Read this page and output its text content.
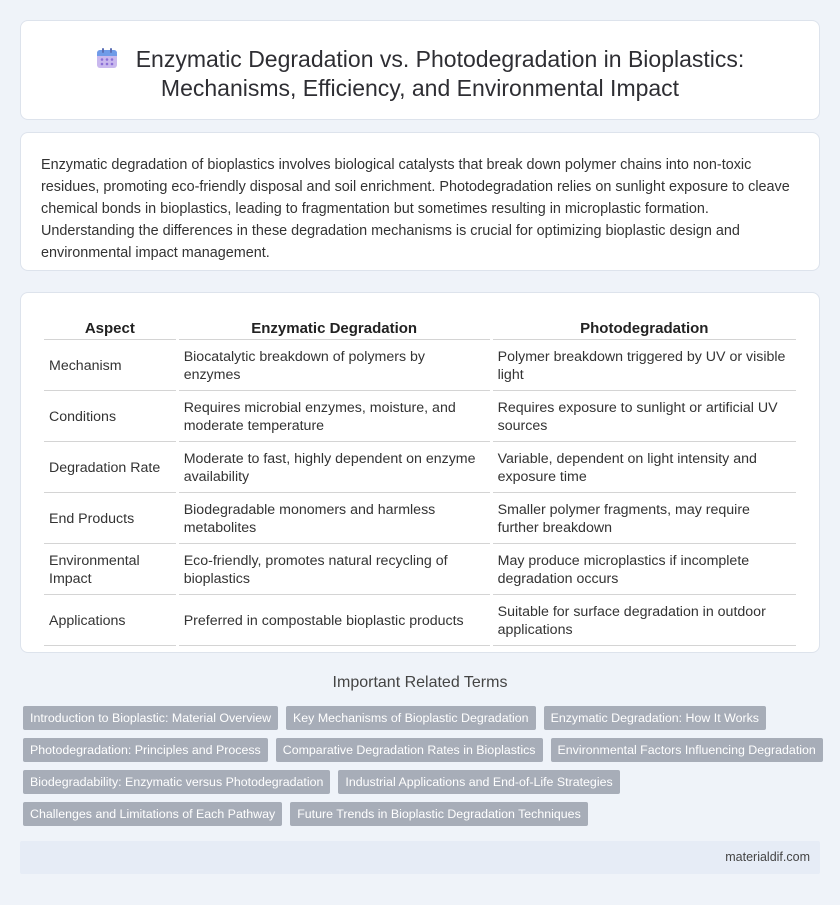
Enzymatic Degradation vs. Photodegradation in Bioplastics: Mechanisms, Efficiency, and Environmental Impact

Enzymatic degradation of bioplastics involves biological catalysts that break down polymer chains into non-toxic residues, promoting eco-friendly disposal and soil enrichment. Photodegradation relies on sunlight exposure to cleave chemical bonds in bioplastics, leading to fragmentation but sometimes resulting in microplastic formation. Understanding the differences in these degradation mechanisms is crucial for optimizing bioplastic design and environmental impact management.

Aspect	Enzymatic Degradation	Photodegradation
Mechanism	Biocatalytic breakdown of polymers by enzymes	Polymer breakdown triggered by UV or visible light
Conditions	Requires microbial enzymes, moisture, and moderate temperature	Requires exposure to sunlight or artificial UV sources
Degradation Rate	Moderate to fast, highly dependent on enzyme availability	Variable, dependent on light intensity and exposure time
End Products	Biodegradable monomers and harmless metabolites	Smaller polymer fragments, may require further breakdown
Environmental Impact	Eco-friendly, promotes natural recycling of bioplastics	May produce microplastics if incomplete degradation occurs
Applications	Preferred in compostable bioplastic products	Suitable for surface degradation in outdoor applications
Important Related Terms
Introduction to Bioplastic: Material Overview	Key Mechanisms of Bioplastic Degradation	Enzymatic Degradation: How It Works
Photodegradation: Principles and Process	Comparative Degradation Rates in Bioplastics	Environmental Factors Influencing Degradation
Biodegradability: Enzymatic versus Photodegradation	Industrial Applications and End-of-Life Strategies
Challenges and Limitations of Each Pathway	Future Trends in Bioplastic Degradation Techniques
materialdif.com
